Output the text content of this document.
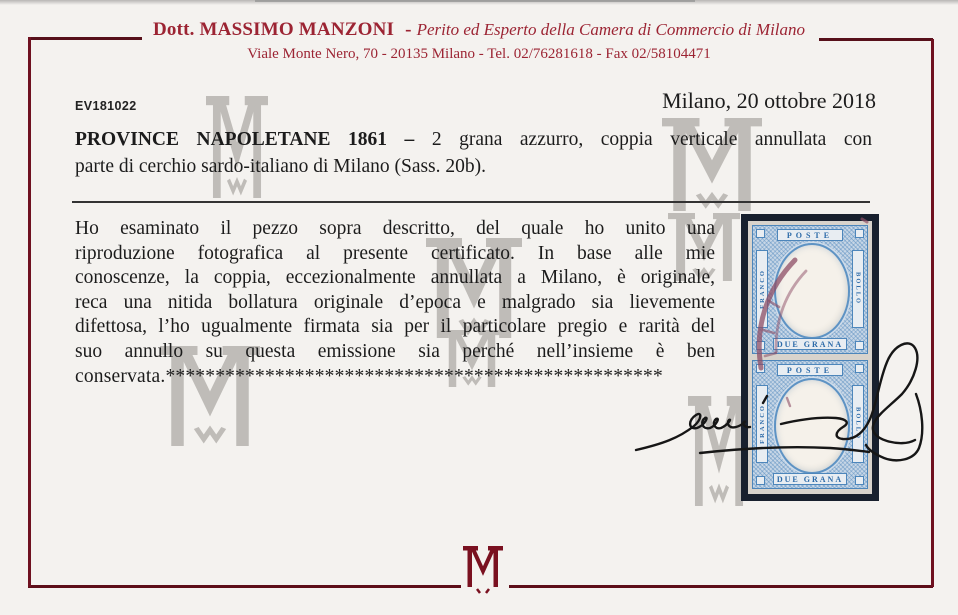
Dott. MASSIMO MANZONI - Perito ed Esperto della Camera di Commercio di Milano
Viale Monte Nero, 70 - 20135 Milano - Tel. 02/76281618 - Fax 02/58104471
EV181022	Milano, 20 ottobre 2018
PROVINCE NAPOLETANE 1861 – 2 grana azzurro, coppia verticale annullata con
parte di cerchio sardo-italiano di Milano (Sass. 20b).
Ho esaminato il pezzo sopra descritto, del quale ho unito una
riproduzione fotografica al presente certificato. In base alle mie
conoscenze, la coppia, eccezionalmente annullata a Milano, è originale,
reca una nitida bollatura originale d’epoca e malgrado sia lievemente
difettosa, l’ho ugualmente firmata sia per il particolare pregio e rarità del
suo annullo su questa emissione sia perché nell’insieme è ben
conservata.**************************************************
POSTE
FRANCO	BOLLO
DUE GRANA
POSTE
FRANCO	BOLLO
DUE GRANA
